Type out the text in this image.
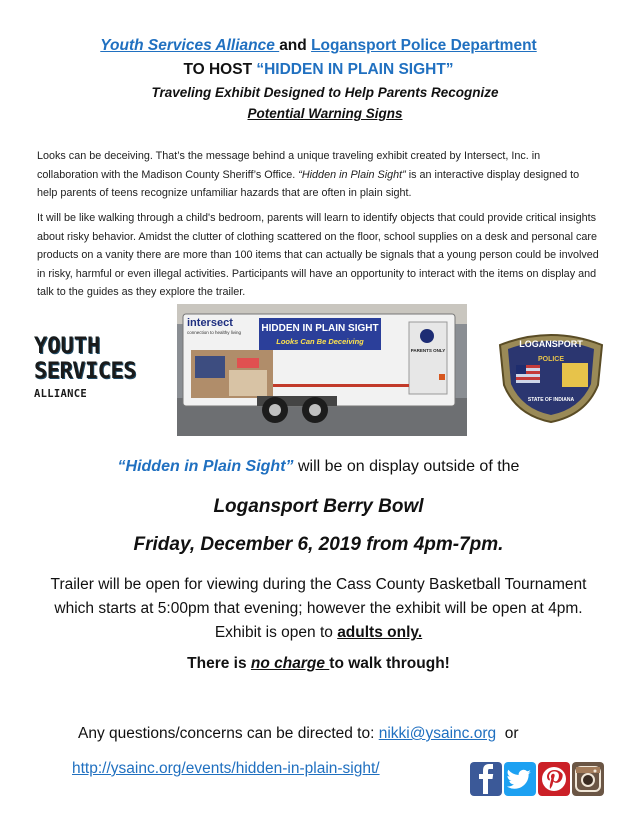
Youth Services Alliance and Logansport Police Department
TO HOST “HIDDEN IN PLAIN SIGHT”
Traveling Exhibit Designed to Help Parents Recognize
Potential Warning Signs
Looks can be deceiving. That’s the message behind a unique traveling exhibit created by Intersect, Inc. in collaboration with the Madison County Sheriff’s Office. “Hidden in Plain Sight” is an interactive display designed to help parents of teens recognize unfamiliar hazards that are often in plain sight.
It will be like walking through a child's bedroom, parents will learn to identify objects that could provide critical insights about risky behavior. Amidst the clutter of clothing scattered on the floor, school supplies on a desk and personal care products on a vanity there are more than 100 items that can actually be signals that a young person could be involved in risky, harmful or even illegal activities. Participants will have an opportunity to interact with the items on display and talk to the guides as they explore the trailer.
YOUTH
SERVICES
ALLIANCE
HIDDEN IN PLAIN SIGHT
Looks Can Be Deceiving
intersect
connection to healthy living
PARENTS ONLY
LOGANSPORT
POLICE
STATE OF INDIANA
“Hidden in Plain Sight” will be on display outside of the
Logansport Berry Bowl
Friday, December 6, 2019 from 4pm-7pm.
Trailer will be open for viewing during the Cass County Basketball Tournament which starts at 5:00pm that evening; however the exhibit will be open at 4pm. Exhibit is open to adults only.
There is no charge to walk through!
Any questions/concerns can be directed to: nikki@ysainc.org  or
http://ysainc.org/events/hidden-in-plain-sight/
